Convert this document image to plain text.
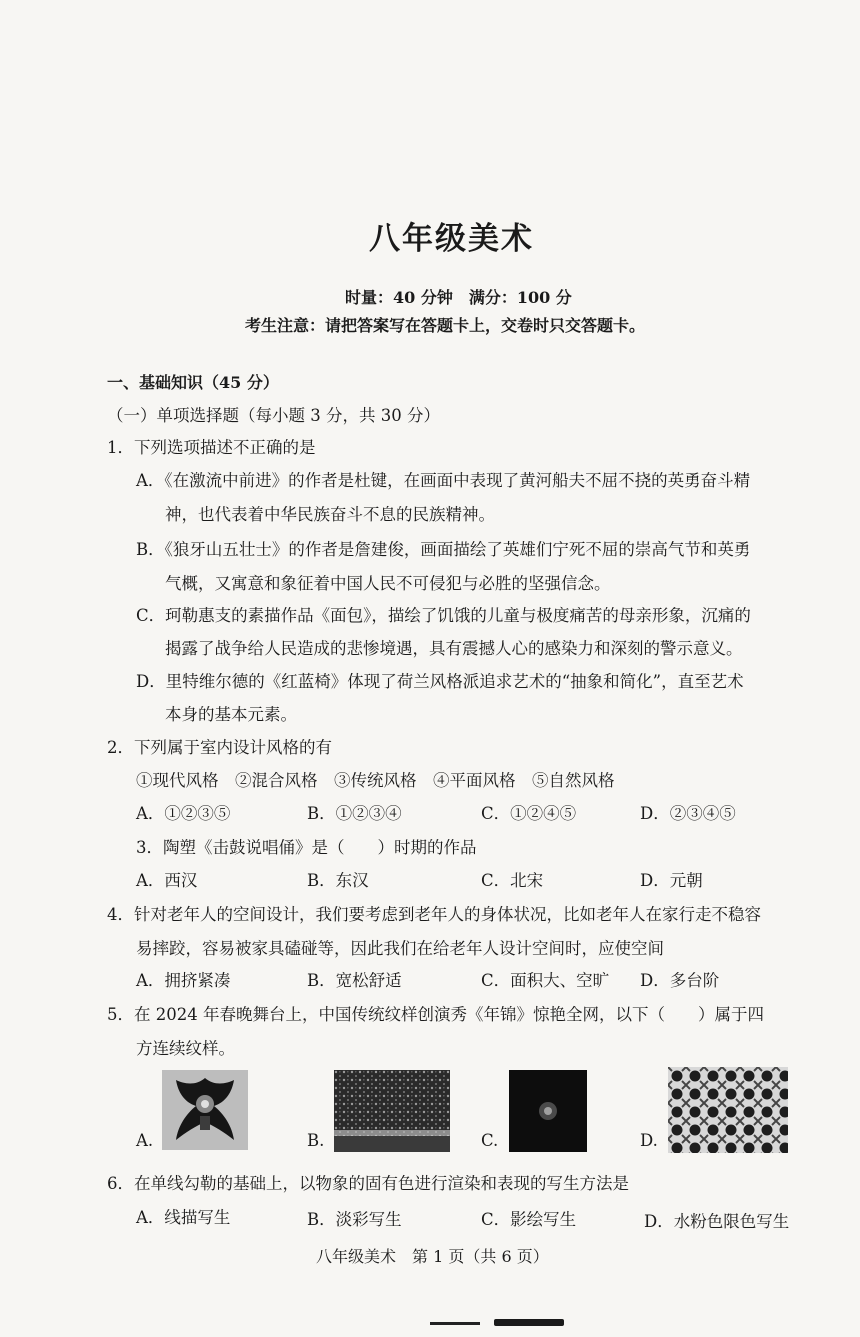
八年级美术
时量：40 分钟　满分：100 分
考生注意：请把答案写在答题卡上，交卷时只交答题卡。
一、基础知识（45 分）
（一）单项选择题（每小题 3 分，共 30 分）
1．下列选项描述不正确的是
A．《在激流中前进》的作者是杜键，在画面中表现了黄河船夫不屈不挠的英勇奋斗精
神，也代表着中华民族奋斗不息的民族精神。
B．《狼牙山五壮士》的作者是詹建俊，画面描绘了英雄们宁死不屈的崇高气节和英勇
气概，又寓意和象征着中国人民不可侵犯与必胜的坚强信念。
C．珂勒惠支的素描作品《面包》，描绘了饥饿的儿童与极度痛苦的母亲形象，沉痛的
揭露了战争给人民造成的悲惨境遇，具有震撼人心的感染力和深刻的警示意义。
D．里特维尔德的《红蓝椅》体现了荷兰风格派追求艺术的“抽象和简化”，直至艺术
本身的基本元素。
2．下列属于室内设计风格的有
①现代风格　②混合风格　③传统风格　④平面风格　⑤自然风格
A．①②③⑤	B．①②③④	C．①②④⑤	D．②③④⑤
3．陶塑《击鼓说唱俑》是（　　）时期的作品
A．西汉	B．东汉	C．北宋	D．元朝
4．针对老年人的空间设计，我们要考虑到老年人的身体状况，比如老年人在家行走不稳容
易摔跤，容易被家具磕碰等，因此我们在给老年人设计空间时，应使空间
A．拥挤紧凑	B．宽松舒适	C．面积大、空旷 D．多台阶
5．在 2024 年春晚舞台上，中国传统纹样创演秀《年锦》惊艳全网，以下（　　）属于四
方连续纹样。
A.	B.	C.	D.
6．在单线勾勒的基础上，以物象的固有色进行渲染和表现的写生方法是
A．线描写生	B．淡彩写生	C．影绘写生	D．水粉色限色写生
八年级美术　第 1 页（共 6 页）
